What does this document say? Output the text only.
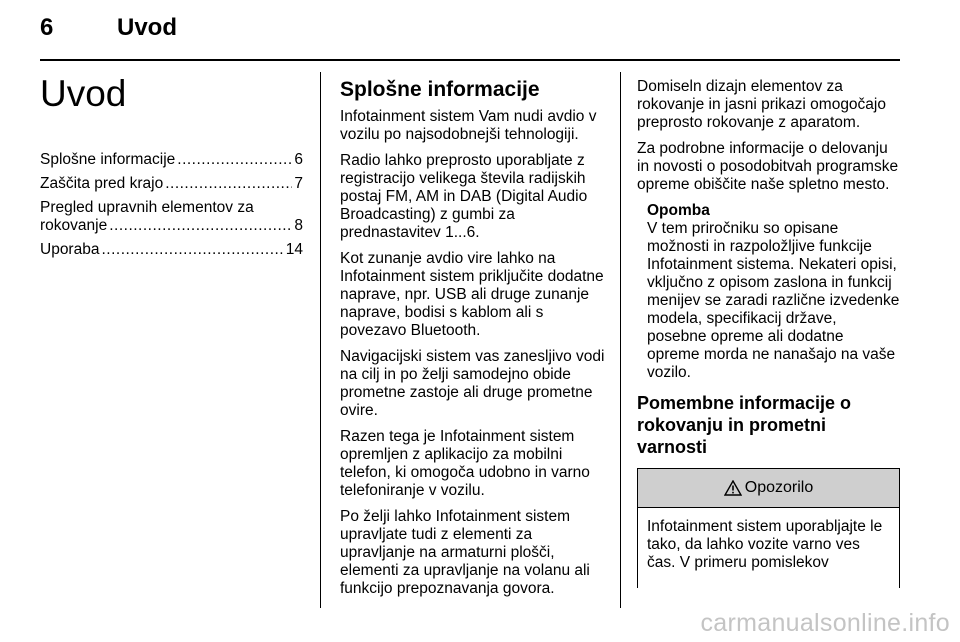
6	Uvod
Uvod
Splošne informacije .....	6
Zaščita pred krajo .....	7
Pregled upravnih elementov za
rokovanje .....	8
Uporaba .....	14
Splošne informacije

Infotainment sistem Vam nudi avdio v vozilu po najsodobnejši tehnologiji.

Radio lahko preprosto uporabljate z registracijo velikega števila radijskih postaj FM, AM in DAB (Digital Audio Broadcasting) z gumbi za prednastavitev 1...6.

Kot zunanje avdio vire lahko na Infotainment sistem priključite dodatne naprave, npr. USB ali druge zunanje naprave, bodisi s kablom ali s povezavo Bluetooth.

Navigacijski sistem vas zanesljivo vodi na cilj in po želji samodejno obide prometne zastoje ali druge prometne ovire.

Razen tega je Infotainment sistem opremljen z aplikacijo za mobilni telefon, ki omogoča udobno in varno telefoniranje v vozilu.

Po želji lahko Infotainment sistem upravljate tudi z elementi za upravljanje na armaturni plošči, elementi za upravljanje na volanu ali funkcijo prepoznavanja govora.

Domiseln dizajn elementov za rokovanje in jasni prikazi omogočajo preprosto rokovanje z aparatom.

Za podrobne informacije o delovanju in novosti o posodobitvah programske opreme obiščite naše spletno mesto.

Opomba
V tem priročniku so opisane možnosti in razpoložljive funkcije Infotainment sistema. Nekateri opisi, vključno z opisom zaslona in funkcij menijev se zaradi različne izvedenke modela, specifikacij države, posebne opreme ali dodatne opreme morda ne nanašajo na vaše vozilo.
Pomembne informacije o rokovanju in prometni varnosti
Opozorilo
Infotainment sistem uporabljajte le tako, da lahko vozite varno ves čas. V primeru pomislekov
carmanualsonline.info
